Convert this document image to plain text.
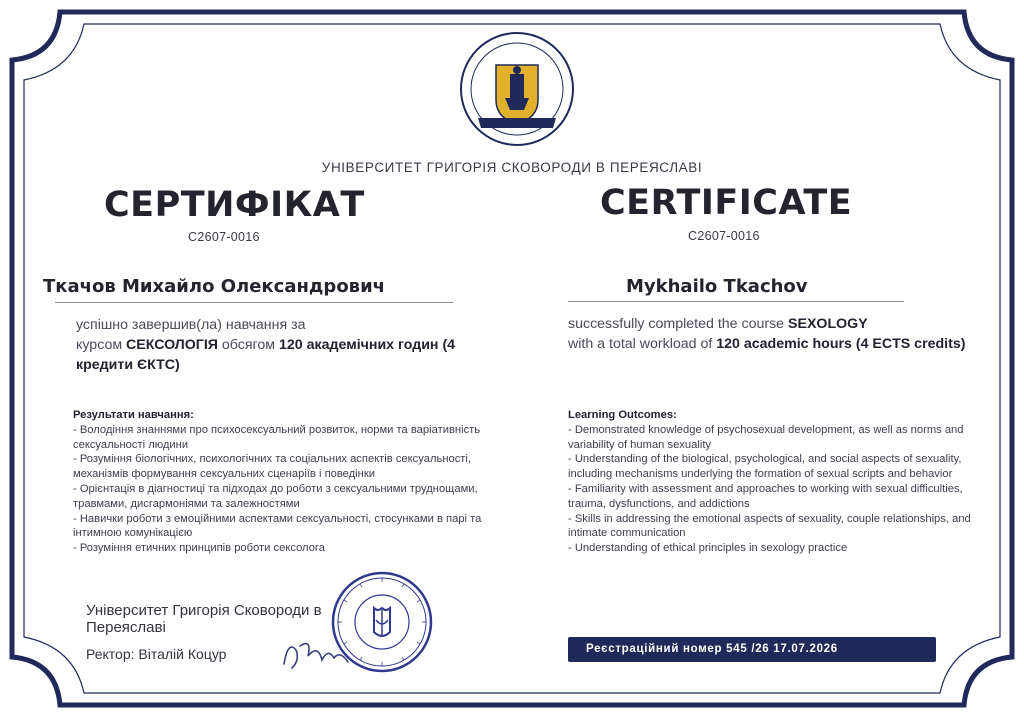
УНІВЕРСИТЕТ ГРИГОРІЯ СКОВОРОДИ В ПЕРЕЯСЛАВІ
СЕРТИФІКАТ	CERTIFICATE
C2607-0016	C2607-0016
Ткачов Михайло Олександрович	Mykhailo Tkachov
успішно завершив(ла) навчання за
курсом СЕКСОЛОГІЯ обсягом 120 академічних годин (4 кредити ЄКТС)
successfully completed the course SEXOLOGY
with a total workload of 120 academic hours (4 ECTS credits)
Результати навчання:
- Володіння знаннями про психосексуальний розвиток, норми та варіативність сексуальності людини
- Розуміння біологічних, психологічних та соціальних аспектів сексуальності, механізмів формування сексуальних сценаріїв і поведінки
- Орієнтація в діагностиці та підходах до роботи з сексуальними труднощами, травмами, дисгармоніями та залежностями
- Навички роботи з емоційними аспектами сексуальності, стосунками в парі та інтимною комунікацією
- Розуміння етичних принципів роботи сексолога
Learning Outcomes:
- Demonstrated knowledge of psychosexual development, as well as norms and variability of human sexuality
- Understanding of the biological, psychological, and social aspects of sexuality, including mechanisms underlying the formation of sexual scripts and behavior
- Familiarity with assessment and approaches to working with sexual difficulties, trauma, dysfunctions, and addictions
- Skills in addressing the emotional aspects of sexuality, couple relationships, and intimate communication
- Understanding of ethical principles in sexology practice
Університет Григорія Сковороди в Переяславі
Ректор: Віталій Коцур	Реєстраційний номер 545 /26 17.07.2026
